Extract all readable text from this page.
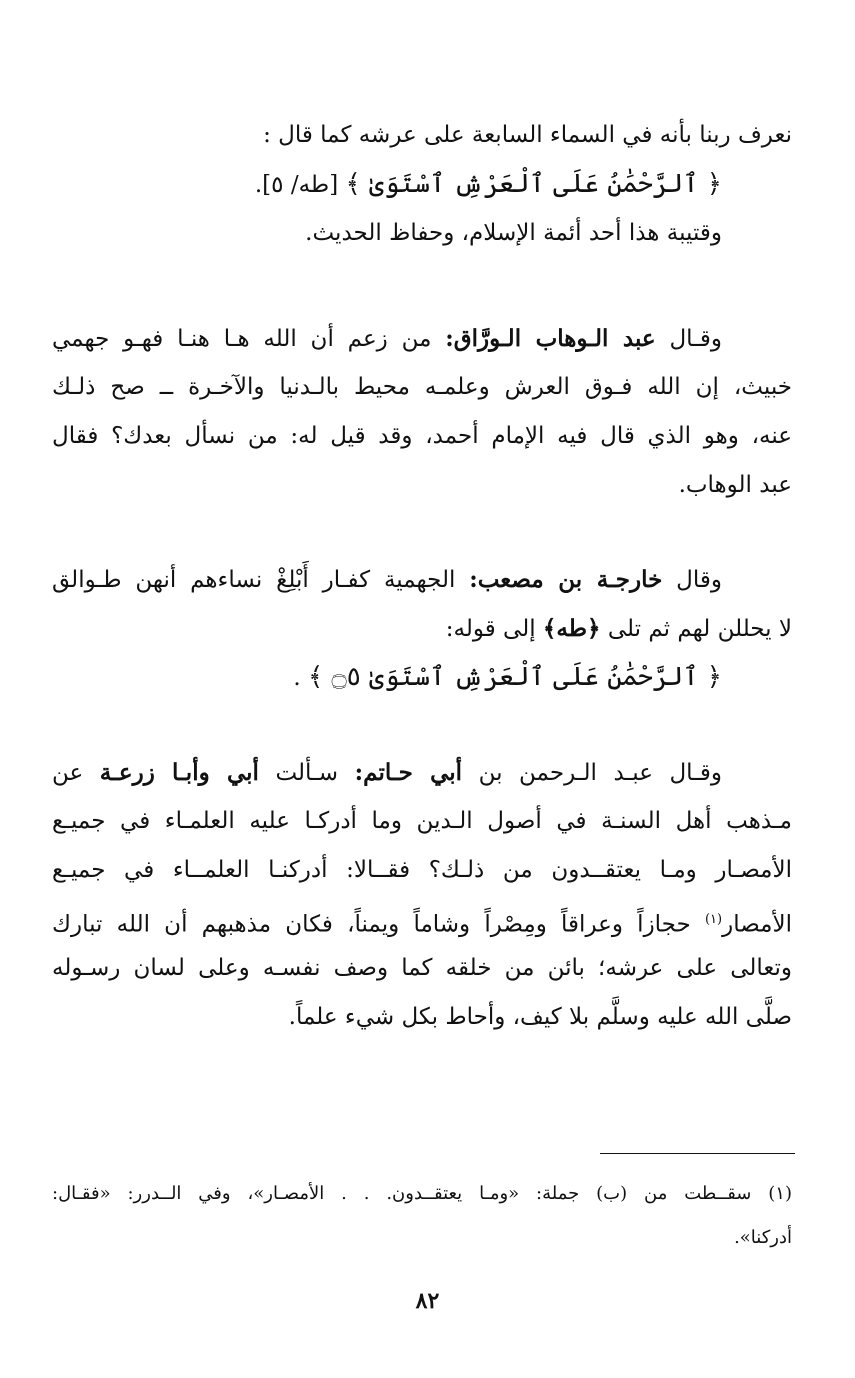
نعرف ربنا بأنه في السماء السابعة على عرشه كما قال :
﴿ ٱلرَّحْمَٰنُ عَلَى ٱلْعَرْشِ ٱسْتَوَىٰ ﴾ [طه/ ٥].
وقتيبة هذا أحد أئمة الإسلام، وحفاظ الحديث.
وقـال عبد الـوهاب الـورَّاق: من زعم أن الله هـا هنـا فهـو جهمي
خبيث، إن الله فـوق العرش وعلمـه محيط بالـدنيا والآخـرة ــ صح ذلـك
عنه، وهو الذي قال فيه الإمام أحمد، وقد قيل له: من نسأل بعدك؟ فقال
عبد الوهاب.
وقال خارجـة بن مصعب: الجهمية كفـار أَبْلِغْ نساءهم أنهن طـوالق
لا يحللن لهم ثم تلى ﴿طه﴾ إلى قوله:
﴿ ٱلرَّحْمَٰنُ عَلَى ٱلْعَرْشِ ٱسْتَوَىٰ ۝٥ ﴾ .
وقـال عبـد الـرحمن بن أبي حـاتم: سـألت أبي وأبـا زرعـة عن
مـذهب أهل السنـة في أصول الـدين وما أدركـا عليه العلمـاء في جميـع
الأمصـار ومـا يعتقــدون من ذلـك؟ فقــالا: أدركنـا العلمــاء في جميـع
الأمصار$^{(١)}$ حجازاً وعراقاً ومِصْراً وشاماً ويمناً، فكان مذهبهم أن الله تبارك
وتعالى على عرشه؛ بائن من خلقه كما وصف نفسـه وعلى لسان رسـوله
صلَّى الله عليه وسلَّم بلا كيف، وأحاط بكل شيء علماً.
(١) سقــطت من (ب) جملة: «ومـا يعتقــدون. . . الأمصـار»، وفي الــدرر: «فقـال:
أدركنا».
٨٢
